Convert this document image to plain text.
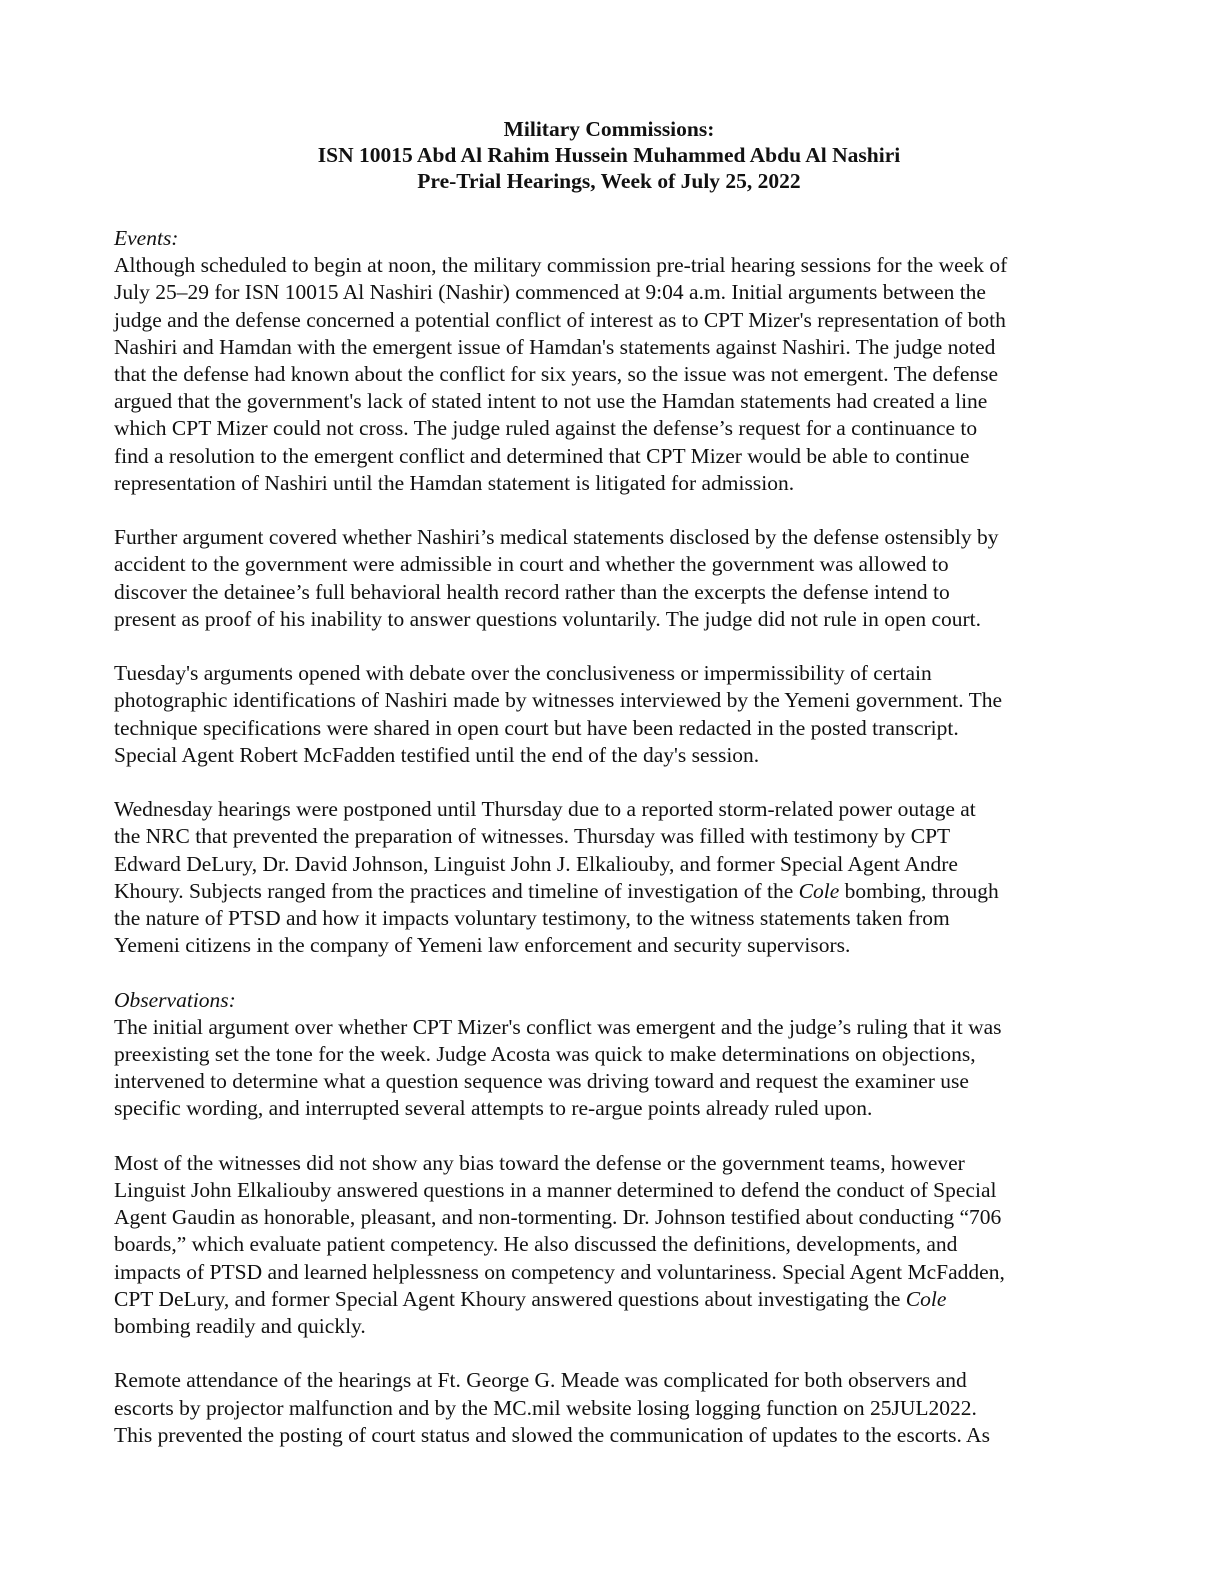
Military Commissions:
ISN 10015 Abd Al Rahim Hussein Muhammed Abdu Al Nashiri
Pre-Trial Hearings, Week of July 25, 2022
Events:
Although scheduled to begin at noon, the military commission pre-trial hearing sessions for the week of
July 25–29 for ISN 10015 Al Nashiri (Nashir) commenced at 9:04 a.m. Initial arguments between the
judge and the defense concerned a potential conflict of interest as to CPT Mizer's representation of both
Nashiri and Hamdan with the emergent issue of Hamdan's statements against Nashiri. The judge noted
that the defense had known about the conflict for six years, so the issue was not emergent. The defense
argued that the government's lack of stated intent to not use the Hamdan statements had created a line
which CPT Mizer could not cross. The judge ruled against the defense’s request for a continuance to
find a resolution to the emergent conflict and determined that CPT Mizer would be able to continue
representation of Nashiri until the Hamdan statement is litigated for admission.
Further argument covered whether Nashiri’s medical statements disclosed by the defense ostensibly by
accident to the government were admissible in court and whether the government was allowed to
discover the detainee’s full behavioral health record rather than the excerpts the defense intend to
present as proof of his inability to answer questions voluntarily. The judge did not rule in open court.
Tuesday's arguments opened with debate over the conclusiveness or impermissibility of certain
photographic identifications of Nashiri made by witnesses interviewed by the Yemeni government. The
technique specifications were shared in open court but have been redacted in the posted transcript.
Special Agent Robert McFadden testified until the end of the day's session.
Wednesday hearings were postponed until Thursday due to a reported storm-related power outage at
the NRC that prevented the preparation of witnesses. Thursday was filled with testimony by CPT
Edward DeLury, Dr. David Johnson, Linguist John J. Elkaliouby, and former Special Agent Andre
Khoury. Subjects ranged from the practices and timeline of investigation of the Cole bombing, through
the nature of PTSD and how it impacts voluntary testimony, to the witness statements taken from
Yemeni citizens in the company of Yemeni law enforcement and security supervisors.
Observations:
The initial argument over whether CPT Mizer's conflict was emergent and the judge’s ruling that it was
preexisting set the tone for the week. Judge Acosta was quick to make determinations on objections,
intervened to determine what a question sequence was driving toward and request the examiner use
specific wording, and interrupted several attempts to re-argue points already ruled upon.
Most of the witnesses did not show any bias toward the defense or the government teams, however
Linguist John Elkaliouby answered questions in a manner determined to defend the conduct of Special
Agent Gaudin as honorable, pleasant, and non-tormenting. Dr. Johnson testified about conducting “706
boards,” which evaluate patient competency. He also discussed the definitions, developments, and
impacts of PTSD and learned helplessness on competency and voluntariness. Special Agent McFadden,
CPT DeLury, and former Special Agent Khoury answered questions about investigating the Cole
bombing readily and quickly.
Remote attendance of the hearings at Ft. George G. Meade was complicated for both observers and
escorts by projector malfunction and by the MC.mil website losing logging function on 25JUL2022.
This prevented the posting of court status and slowed the communication of updates to the escorts. As
